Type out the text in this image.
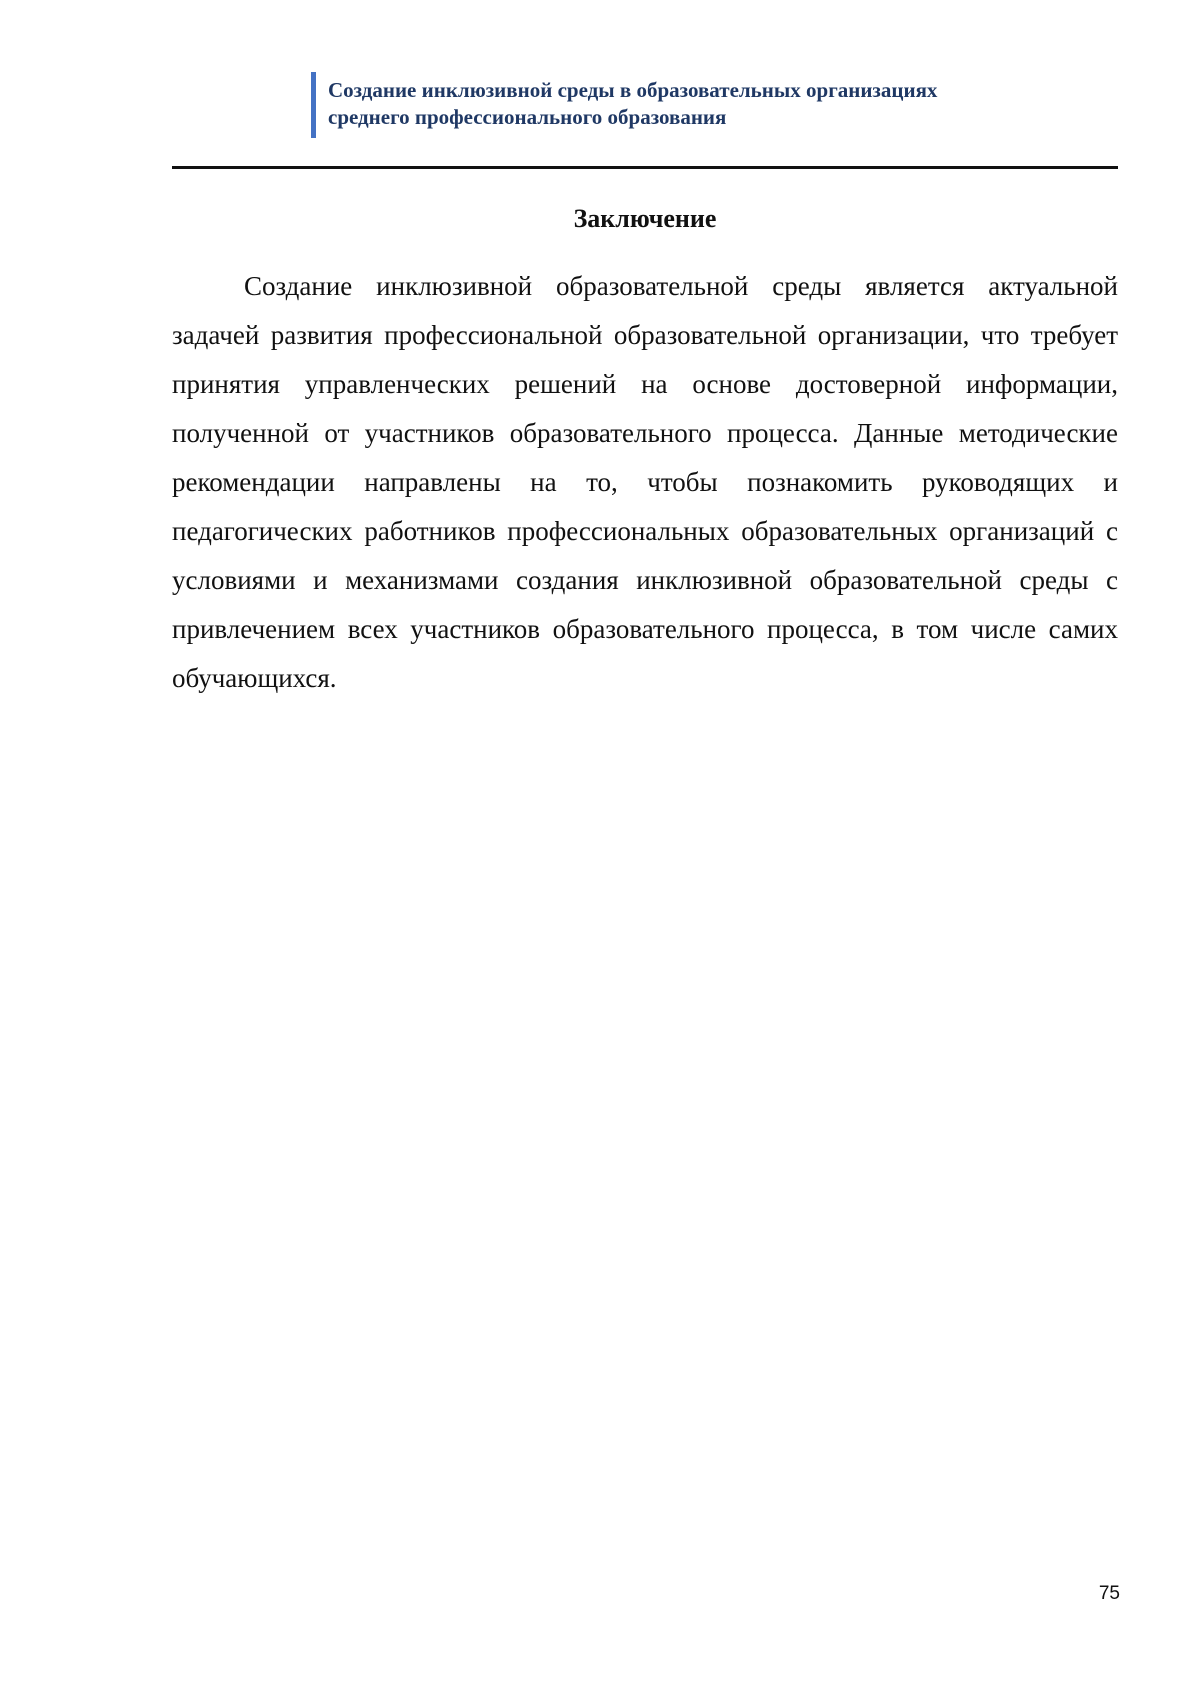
Создание инклюзивной среды в образовательных организациях
среднего профессионального образования
Заключение

Создание инклюзивной образовательной среды является актуальной задачей развития профессиональной образовательной организации, что требует принятия управленческих решений на основе достоверной информации, полученной от участников образовательного процесса. Данные методические рекомендации направлены на то, чтобы познакомить руководящих и педагогических работников профессиональных образовательных организаций с условиями и механизмами создания инклюзивной образовательной среды с привлечением всех участников образовательного процесса, в том числе самих обучающихся.

75
